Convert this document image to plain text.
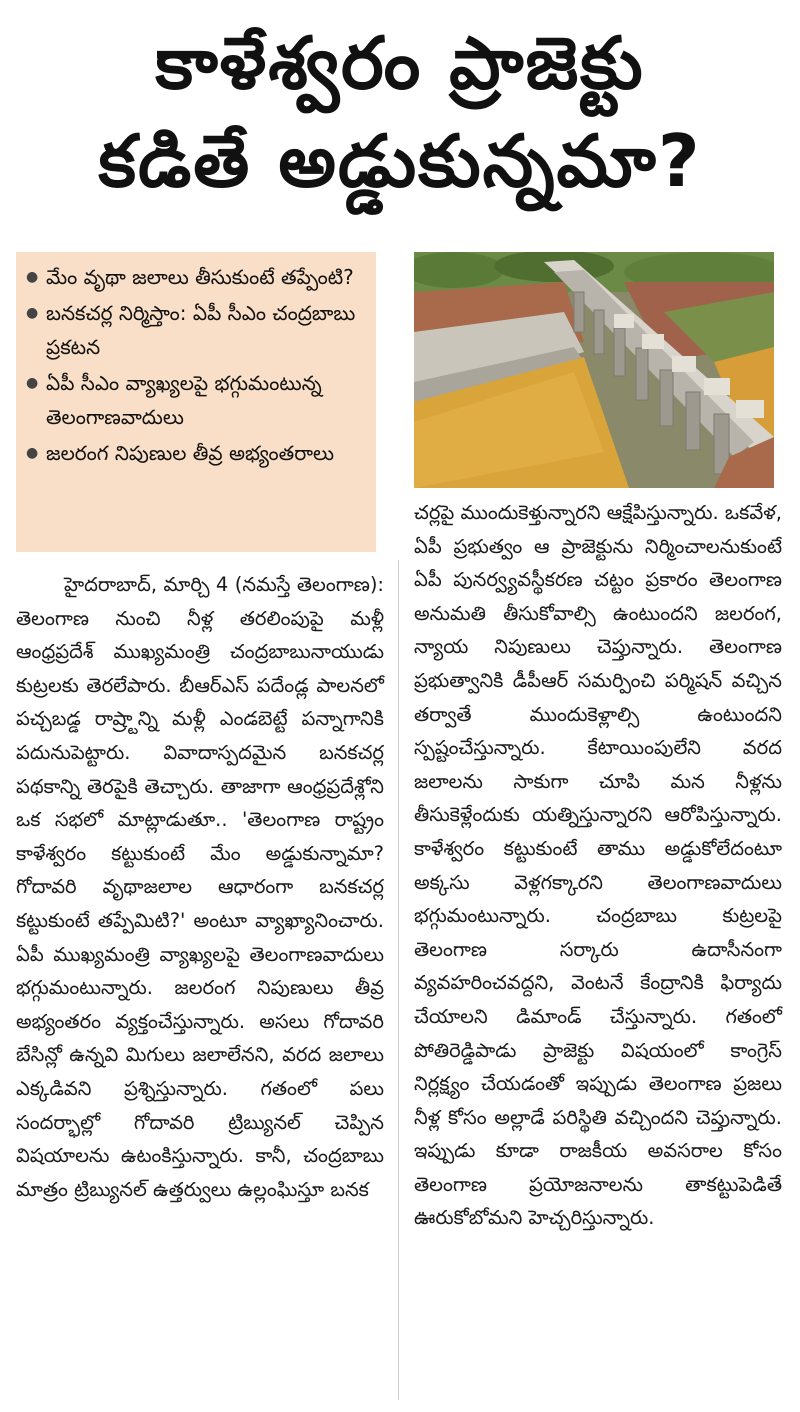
కాళేశ్వరం ప్రాజెక్టు
కడితే అడ్డుకున్నమా?
● మేం వృథా జలాలు తీసుకుంటే తప్పేంటి?
● బనకచర్ల నిర్మిస్తాం: ఏపీ సీఎం చంద్రబాబు ప్రకటన
● ఏపీ సీఎం వ్యాఖ్యలపై భగ్గుమంటున్న తెలంగాణవాదులు
● జలరంగ నిపుణుల తీవ్ర అభ్యంతరాలు

హైదరాబాద్, మార్చి 4 (నమస్తే తెలంగాణ): తెలంగాణ నుంచి నీళ్ల తరలింపుపై మళ్లీ ఆంధ్రప్రదేశ్ ముఖ్యమంత్రి చంద్రబాబునాయుడు కుట్రలకు తెరలేపారు. బీఆర్ఎస్ పదేండ్ల పాలనలో పచ్చబడ్డ రాష్ర్టాన్ని మళ్లీ ఎండబెట్టే పన్నాగానికి పదునుపెట్టారు. వివాదాస్పదమైన బనకచర్ల పథకాన్ని తెరపైకి తెచ్చారు. తాజాగా ఆంధ్రప్రదేశ్లోని ఒక సభలో మాట్లాడుతూ.. 'తెలంగాణ రాష్ట్రం కాళేశ్వరం కట్టుకుంటే మేం అడ్డుకున్నామా? గోదావరి వృథాజలాల ఆధారంగా బనకచర్ల కట్టుకుంటే తప్పేమిటి?' అంటూ వ్యాఖ్యానించారు. ఏపీ ముఖ్యమంత్రి వ్యాఖ్యలపై తెలంగాణవాదులు భగ్గుమంటున్నారు. జలరంగ నిపుణులు తీవ్ర అభ్యంతరం వ్యక్తంచేస్తున్నారు. అసలు గోదావరి బేసిన్లో ఉన్నవి మిగులు జలాలేనని, వరద జలాలు ఎక్కడివని ప్రశ్నిస్తున్నారు. గతంలో పలు సందర్భాల్లో గోదావరి ట్రిబ్యునల్ చెప్పిన విషయాలను ఉటంకిస్తున్నారు. కానీ, చంద్రబాబు మాత్రం ట్రిబ్యునల్ ఉత్తర్వులు ఉల్లంఘిస్తూ బనక

చర్లపై ముందుకెళ్తున్నారని ఆక్షేపిస్తున్నారు. ఒకవేళ, ఏపీ ప్రభుత్వం ఆ ప్రాజెక్టును నిర్మించాలనుకుంటే ఏపీ పునర్వ్యవస్థీకరణ చట్టం ప్రకారం తెలంగాణ అనుమతి తీసుకోవాల్సి ఉంటుందని జలరంగ, న్యాయ నిపుణులు చెప్తున్నారు. తెలంగాణ ప్రభుత్వానికి డీపీఆర్ సమర్పించి పర్మిషన్ వచ్చిన తర్వాతే ముందుకెళ్లాల్సి ఉంటుందని స్పష్టంచేస్తున్నారు. కేటాయింపులేని వరద జలాలను సాకుగా చూపి మన నీళ్లను తీసుకెళ్లేందుకు యత్నిస్తున్నారని ఆరోపిస్తున్నారు. కాళేశ్వరం కట్టుకుంటే తాము అడ్డుకోలేదంటూ అక్కసు వెళ్లగక్కారని తెలంగాణవాదులు భగ్గుమంటున్నారు. చంద్రబాబు కుట్రలపై తెలంగాణ సర్కారు ఉదాసీనంగా వ్యవహరించవద్దని, వెంటనే కేంద్రానికి ఫిర్యాదు చేయాలని డిమాండ్ చేస్తున్నారు. గతంలో పోతిరెడ్డిపాడు ప్రాజెక్టు విషయంలో కాంగ్రెస్ నిర్లక్ష్యం చేయడంతో ఇప్పుడు తెలంగాణ ప్రజలు నీళ్ల కోసం అల్లాడే పరిస్థితి వచ్చిందని చెప్తున్నారు. ఇప్పుడు కూడా రాజకీయ అవసరాల కోసం తెలంగాణ ప్రయోజనాలను తాకట్టుపెడితే ఊరుకోబోమని హెచ్చరిస్తున్నారు.
